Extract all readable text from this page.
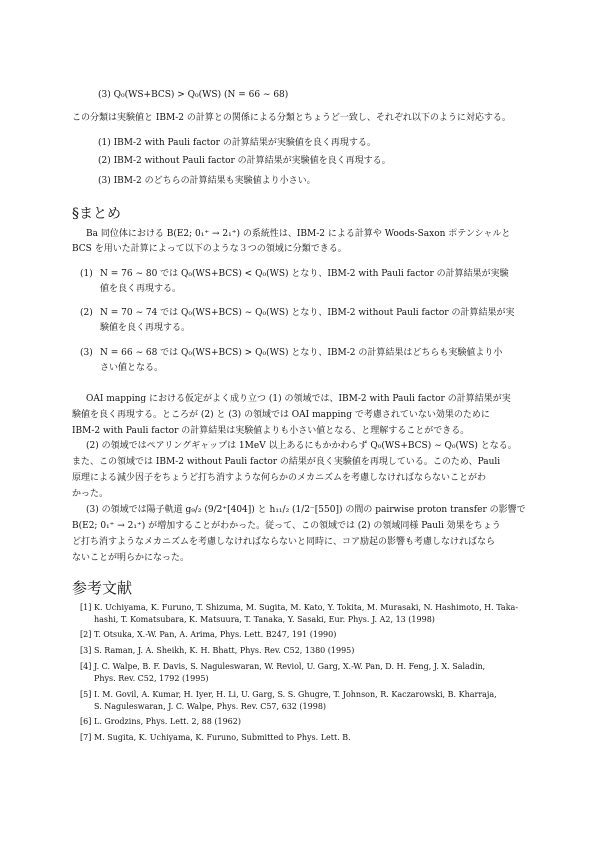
(3) Q₀(WS+BCS) > Q₀(WS) (N = 66 ∼ 68)
この分類は実験値と IBM-2 の計算との関係による分類とちょうど一致し、それぞれ以下のように対応する。
(1) IBM-2 with Pauli factor の計算結果が実験値を良く再現する。
(2) IBM-2 without Pauli factor の計算結果が実験値を良く再現する。
(3) IBM-2 のどちらの計算結果も実験値より小さい。
§まとめ
Ba 同位体における B(E2; 0₁⁺ → 2₁⁺) の系統性は、IBM-2 による計算や Woods-Saxon ポテンシャルと
BCS を用いた計算によって以下のような３つの領域に分類できる。
(1) N = 76 ∼ 80 では Q₀(WS+BCS) < Q₀(WS) となり、IBM-2 with Pauli factor の計算結果が実験
値を良く再現する。
(2) N = 70 ∼ 74 では Q₀(WS+BCS) ∼ Q₀(WS) となり、IBM-2 without Pauli factor の計算結果が実
験値を良く再現する。
(3) N = 66 ∼ 68 では Q₀(WS+BCS) > Q₀(WS) となり、IBM-2 の計算結果はどちらも実験値より小
さい値となる。
OAI mapping における仮定がよく成り立つ (1) の領域では、IBM-2 with Pauli factor の計算結果が実
験値を良く再現する。ところが (2) と (3) の領域では OAI mapping で考慮されていない効果のために
IBM-2 with Pauli factor の計算結果は実験値よりも小さい値となる、と理解することができる。
(2) の領域ではペアリングギャップは 1MeV 以上あるにもかかわらず Q₀(WS+BCS) ∼ Q₀(WS) となる。
また、この領域では IBM-2 without Pauli factor の結果が良く実験値を再現している。このため、Pauli
原理による減少因子をちょうど打ち消すような何らかのメカニズムを考慮しなければならないことがわ
かった。
(3) の領域では陽子軌道 g₉/₂ (9/2⁺[404]) と h₁₁/₂ (1/2⁻[550]) の間の pairwise proton transfer の影響で
B(E2; 0₁⁺ → 2₁⁺) が増加することがわかった。従って、この領域では (2) の領域同様 Pauli 効果をちょう
ど打ち消すようなメカニズムを考慮しなければならないと同時に、コア励起の影響も考慮しなければなら
ないことが明らかになった。
参考文献
[1] K. Uchiyama, K. Furuno, T. Shizuma, M. Sugita, M. Kato, Y. Tokita, M. Murasaki, N. Hashimoto, H. Taka-
hashi, T. Komatsubara, K. Matsuura, T. Tanaka, Y. Sasaki, Eur. Phys. J. A2, 13 (1998)
[2] T. Otsuka, X.-W. Pan, A. Arima, Phys. Lett. B247, 191 (1990)
[3] S. Raman, J. A. Sheikh, K. H. Bhatt, Phys. Rev. C52, 1380 (1995)
[4] J. C. Walpe, B. F. Davis, S. Naguleswaran, W. Reviol, U. Garg, X.-W. Pan, D. H. Feng, J. X. Saladin,
Phys. Rev. C52, 1792 (1995)
[5] I. M. Govil, A. Kumar, H. Iyer, H. Li, U. Garg, S. S. Ghugre, T. Johnson, R. Kaczarowski, B. Kharraja,
S. Naguleswaran, J. C. Walpe, Phys. Rev. C57, 632 (1998)
[6] L. Grodzins, Phys. Lett. 2, 88 (1962)
[7] M. Sugita, K. Uchiyama, K. Furuno, Submitted to Phys. Lett. B.
